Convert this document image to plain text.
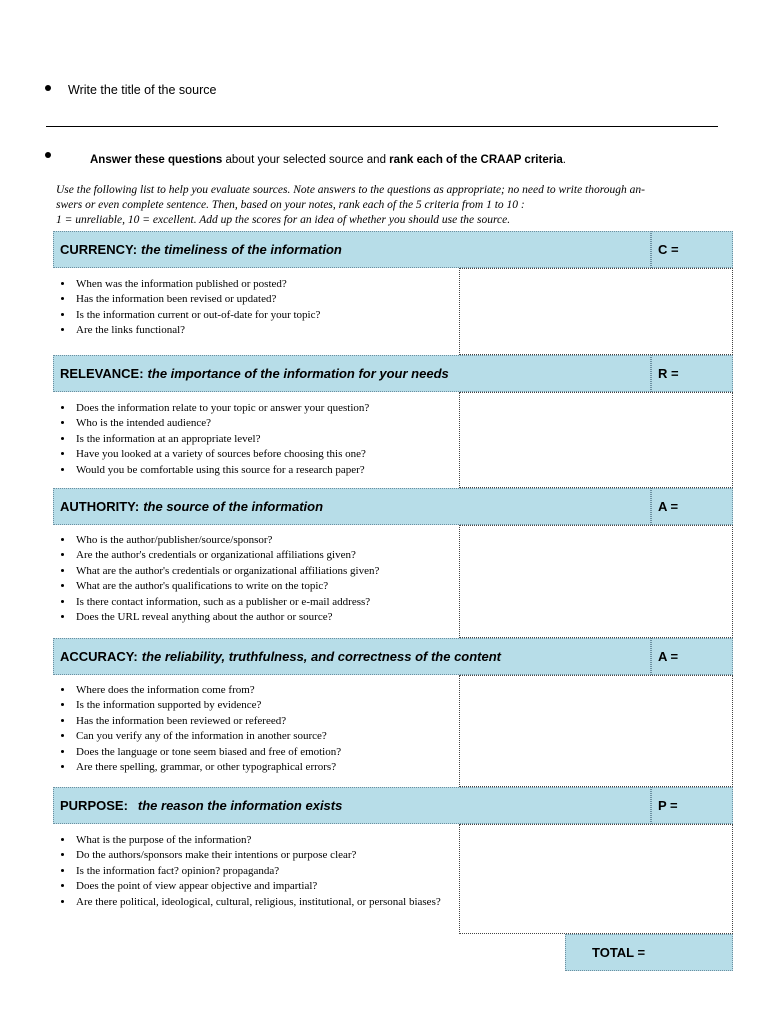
Write the title of the source
Answer these questions about your selected source and rank each of the CRAAP criteria.
Use the following list to help you evaluate sources. Note answers to the questions as appropriate; no need to write thorough an-
swers or even complete sentence. Then, based on your notes, rank each of the 5 criteria from 1 to 10 :
1 = unreliable, 10 = excellent. Add up the scores for an idea of whether you should use the source.
CURRENCY: the timeliness of the information	C =
• When was the information published or posted?
• Has the information been revised or updated?
• Is the information current or out-of-date for your topic?
• Are the links functional?
RELEVANCE: the importance of the information for your needs	R =
• Does the information relate to your topic or answer your question?
• Who is the intended audience?
• Is the information at an appropriate level?
• Have you looked at a variety of sources before choosing this one?
• Would you be comfortable using this source for a research paper?
AUTHORITY: the source of the information	A =
• Who is the author/publisher/source/sponsor?
• Are the author's credentials or organizational affiliations given?
• What are the author's credentials or organizational affiliations given?
• What are the author's qualifications to write on the topic?
• Is there contact information, such as a publisher or e-mail address?
• Does the URL reveal anything about the author or source?
ACCURACY: the reliability, truthfulness, and correctness of the content	A =
• Where does the information come from?
• Is the information supported by evidence?
• Has the information been reviewed or refereed?
• Can you verify any of the information in another source?
• Does the language or tone seem biased and free of emotion?
• Are there spelling, grammar, or other typographical errors?
PURPOSE: the reason the information exists	P =
• What is the purpose of the information?
• Do the authors/sponsors make their intentions or purpose clear?
• Is the information fact? opinion? propaganda?
• Does the point of view appear objective and impartial?
• Are there political, ideological, cultural, religious, institutional, or personal biases?
TOTAL =
